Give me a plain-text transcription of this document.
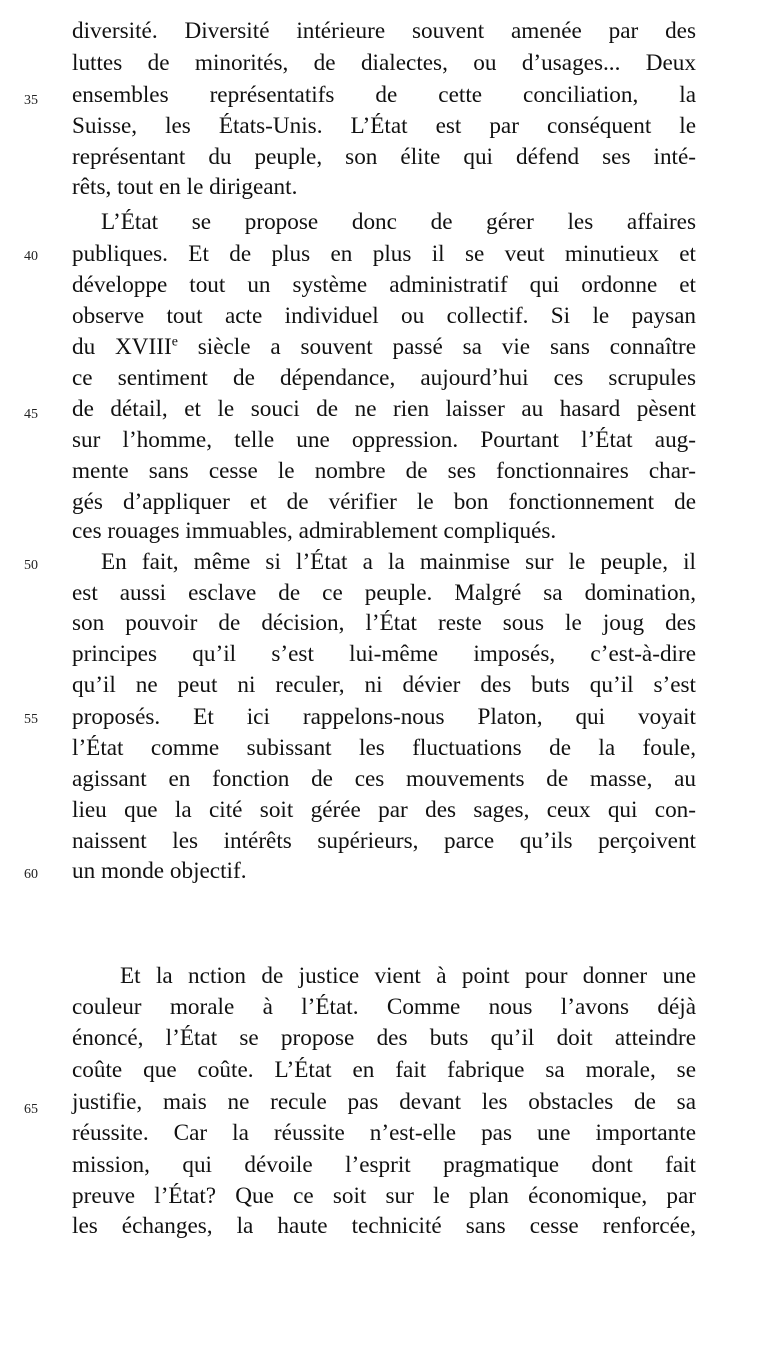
35
40
45
50
55
60
65
diversité. Diversité intérieure souvent amenée par des
luttes de minorités, de dialectes, ou d’usages... Deux
ensembles représentatifs de cette conciliation, la
Suisse, les États-Unis. L’État est par conséquent le
représentant du peuple, son élite qui défend ses inté-
rêts, tout en le dirigeant.
L’État se propose donc de gérer les affaires
publiques. Et de plus en plus il se veut minutieux et
développe tout un système administratif qui ordonne et
observe tout acte individuel ou collectif. Si le paysan
du XVIIIe siècle a souvent passé sa vie sans connaître
ce sentiment de dépendance, aujourd’hui ces scrupules
de détail, et le souci de ne rien laisser au hasard pèsent
sur l’homme, telle une oppression. Pourtant l’État aug-
mente sans cesse le nombre de ses fonctionnaires char-
gés d’appliquer et de vérifier le bon fonctionnement de
ces rouages immuables, admirablement compliqués.
En fait, même si l’État a la mainmise sur le peuple, il
est aussi esclave de ce peuple. Malgré sa domination,
son pouvoir de décision, l’État reste sous le joug des
principes qu’il s’est lui-même imposés, c’est-à-dire
qu’il ne peut ni reculer, ni dévier des buts qu’il s’est
proposés. Et ici rappelons-nous Platon, qui voyait
l’État comme subissant les fluctuations de la foule,
agissant en fonction de ces mouvements de masse, au
lieu que la cité soit gérée par des sages, ceux qui con-
naissent les intérêts supérieurs, parce qu’ils perçoivent
un monde objectif.
Et la nction de justice vient à point pour donner une
couleur morale à l’État. Comme nous l’avons déjà
énoncé, l’État se propose des buts qu’il doit atteindre
coûte que coûte. L’État en fait fabrique sa morale, se
justifie, mais ne recule pas devant les obstacles de sa
réussite. Car la réussite n’est-elle pas une importante
mission, qui dévoile l’esprit pragmatique dont fait
preuve l’État? Que ce soit sur le plan économique, par
les échanges, la haute technicité sans cesse renforcée,
